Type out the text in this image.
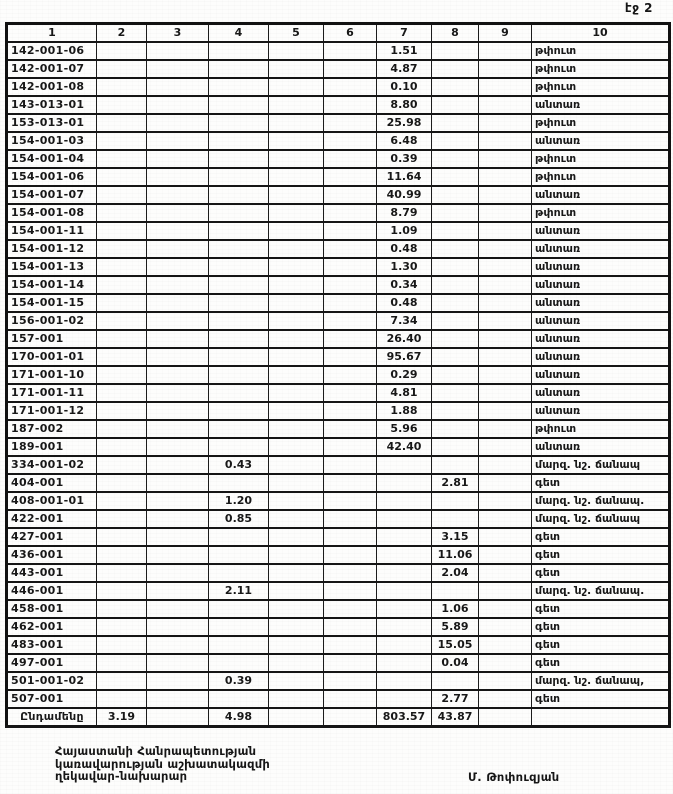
էջ 2
1	2	3	4	5	6	7	8	9	10
142-001-06						1.51			թփուտ
142-001-07						4.87			թփուտ
142-001-08						0.10			թփուտ
143-013-01						8.80			անտառ
153-013-01						25.98			թփուտ
154-001-03						6.48			անտառ
154-001-04						0.39			թփուտ
154-001-06						11.64			թփուտ
154-001-07						40.99			անտառ
154-001-08						8.79			թփուտ
154-001-11						1.09			անտառ
154-001-12						0.48			անտառ
154-001-13						1.30			անտառ
154-001-14						0.34			անտառ
154-001-15						0.48			անտառ
156-001-02						7.34			անտառ
157-001						26.40			անտառ
170-001-01						95.67			անտառ
171-001-10						0.29			անտառ
171-001-11						4.81			անտառ
171-001-12						1.88			անտառ
187-002						5.96			թփուտ
189-001						42.40			անտառ
334-001-02			0.43						մարզ. նշ. ճանապ
404-001							2.81		գետ
408-001-01			1.20						մարզ. նշ. ճանապ.
422-001			0.85						մարզ. նշ. ճանապ
427-001							3.15		գետ
436-001							11.06		գետ
443-001							2.04		գետ
446-001			2.11						մարզ. նշ. ճանապ.
458-001							1.06		գետ
462-001							5.89		գետ
483-001							15.05		գետ
497-001							0.04		գետ
501-001-02			0.39						մարզ. նշ. ճանապ,
507-001							2.77		գետ
Ընդամենը	3.19		4.98			803.57	43.87		
Հայաստանի Հանրապետության
կառավարության աշխատակազմի
ղեկավար-նախարար	Մ. Թոփուզյան
